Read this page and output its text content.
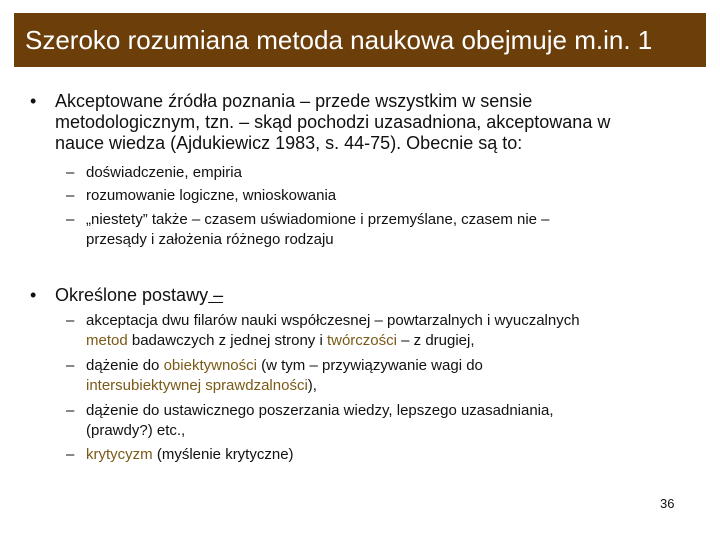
Szeroko rozumiana metoda naukowa obejmuje m.in. 1
• Akceptowane źródła poznania – przede wszystkim w sensie
metodologicznym, tzn. – skąd pochodzi uzasadniona, akceptowana w
nauce wiedza (Ajdukiewicz 1983, s. 44-75). Obecnie są to:
– doświadczenie, empiria
– rozumowanie logiczne, wnioskowania
– „niestety” także – czasem uświadomione i przemyślane, czasem nie –
przesądy i założenia różnego rodzaju
• Określone postawy –
– akceptacja dwu filarów nauki współczesnej – powtarzalnych i wyuczalnych
metod badawczych z jednej strony i twórczości – z drugiej,
– dążenie do obiektywności (w tym – przywiązywanie wagi do
intersubiektywnej sprawdzalności),
– dążenie do ustawicznego poszerzania wiedzy, lepszego uzasadniania,
(prawdy?) etc.,
– krytycyzm (myślenie krytyczne)
36
